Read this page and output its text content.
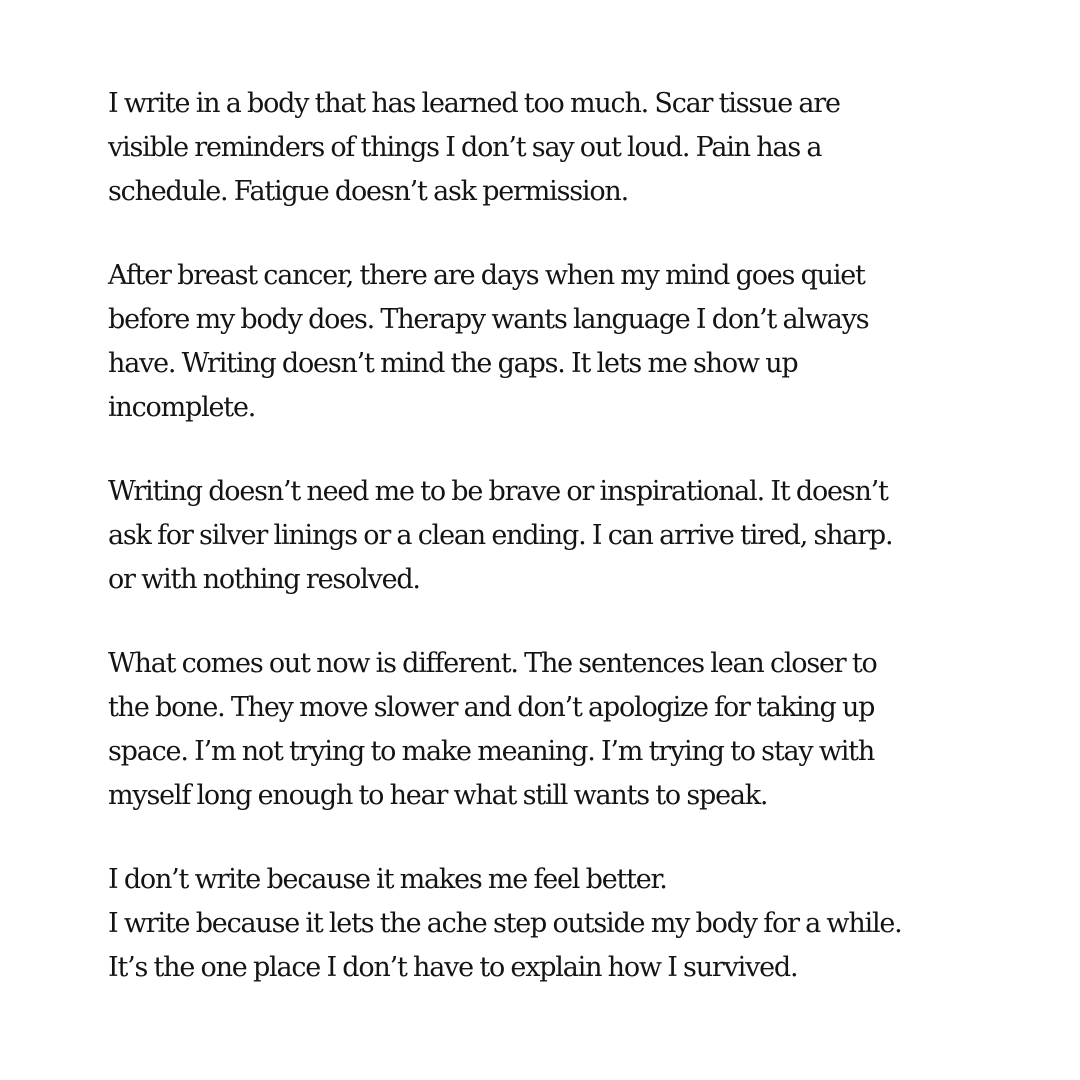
I write in a body that has learned too much. Scar tissue are
visible reminders of things I don’t say out loud. Pain has a
schedule. Fatigue doesn’t ask permission.

After breast cancer, there are days when my mind goes quiet
before my body does. Therapy wants language I don’t always
have. Writing doesn’t mind the gaps. It lets me show up
incomplete.

Writing doesn’t need me to be brave or inspirational. It doesn’t
ask for silver linings or a clean ending. I can arrive tired, sharp.
or with nothing resolved.

What comes out now is different. The sentences lean closer to
the bone. They move slower and don’t apologize for taking up
space. I’m not trying to make meaning. I’m trying to stay with
myself long enough to hear what still wants to speak.

I don’t write because it makes me feel better.
I write because it lets the ache step outside my body for a while.
It’s the one place I don’t have to explain how I survived.
